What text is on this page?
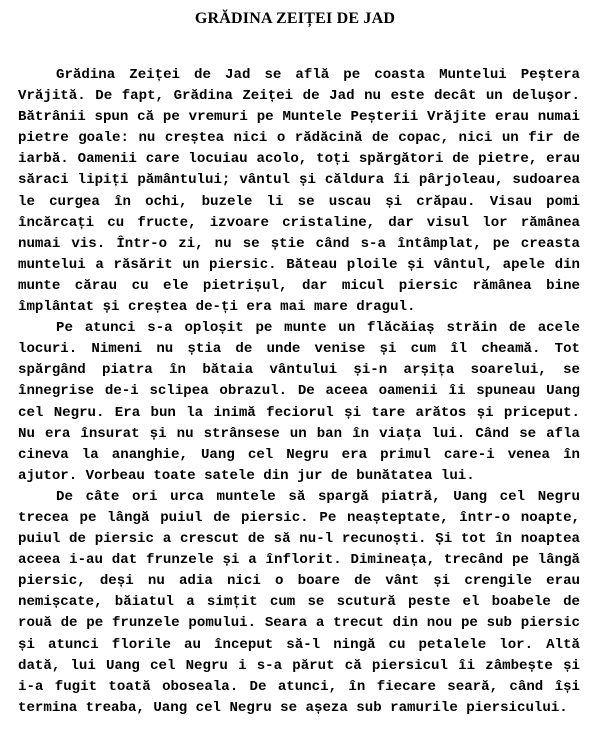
GRĂDINA ZEIȚEI DE JAD

Grădina Zeiței de Jad se află pe coasta Muntelui Peștera Vrăjită. De fapt, Grădina Zeiței de Jad nu este decât un deluşor. Bătrânii spun că pe vremuri pe Muntele Peșterii Vrăjite erau numai pietre goale: nu creștea nici o rădăcină de copac, nici un fir de iarbă. Oamenii care locuiau acolo, toți spărgători de pietre, erau săraci lipiți pământului; vântul și căldura îi pârjoleau, sudoarea le curgea în ochi, buzele li se uscau și crăpau. Visau pomi încărcați cu fructe, izvoare cristaline, dar visul lor rămânea numai vis. Într-o zi, nu se știe când s-a întâmplat, pe creasta muntelui a răsărit un piersic. Băteau ploile și vântul, apele din munte cărau cu ele pietrișul, dar micul piersic rămânea bine împlântat și creștea de-ți era mai mare dragul.

Pe atunci s-a oploșit pe munte un flăcăiaș străin de acele locuri. Nimeni nu știa de unde venise și cum îl cheamă. Tot spărgând piatra în bătaia vântului și-n arșița soarelui, se înnegrise de-i sclipea obrazul. De aceea oamenii îi spuneau Uang cel Negru. Era bun la inimă feciorul și tare arătos și priceput. Nu era însurat și nu strânsese un ban în viața lui. Când se afla cineva la ananghie, Uang cel Negru era primul care-i venea în ajutor. Vorbeau toate satele din jur de bunătatea lui.

De câte ori urca muntele să spargă piatră, Uang cel Negru trecea pe lângă puiul de piersic. Pe neașteptate, într-o noapte, puiul de piersic a crescut de să nu-l recunoști. Și tot în noaptea aceea i-au dat frunzele și a înflorit. Dimineața, trecând pe lângă piersic, deși nu adia nici o boare de vânt și crengile erau nemișcate, băiatul a simțit cum se scutură peste el boabele de rouă de pe frunzele pomului. Seara a trecut din nou pe sub piersic și atunci florile au început să-l ningă cu petalele lor. Altă dată, lui Uang cel Negru i s-a părut că piersicul îi zâmbește și i-a fugit toată oboseala. De atunci, în fiecare seară, când își termina treaba, Uang cel Negru se așeza sub ramurile piersicului.
